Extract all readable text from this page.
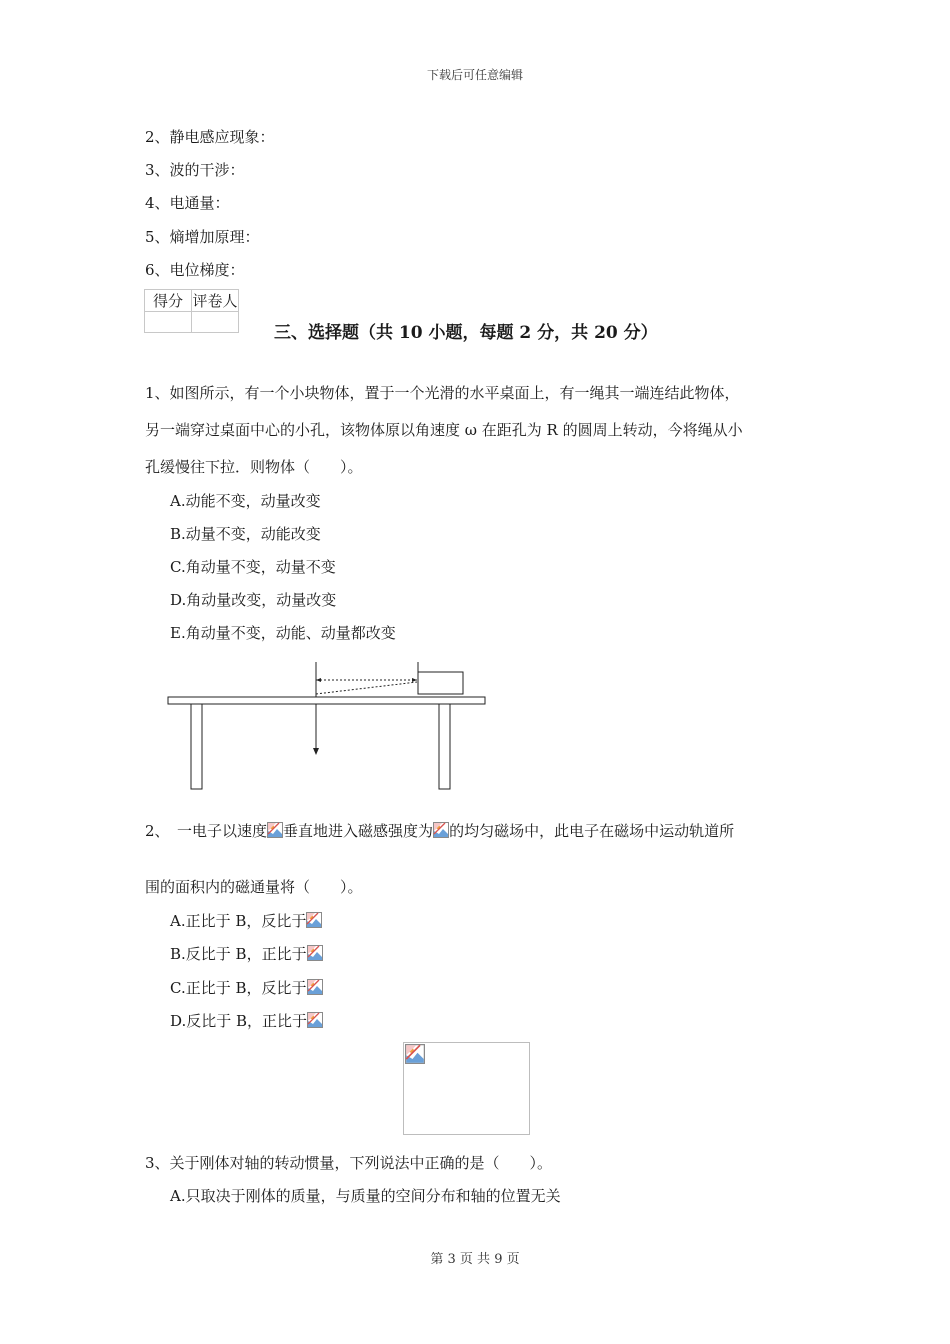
下载后可任意编辑
2、静电感应现象：
3、波的干涉：
4、电通量：
5、熵增加原理：
6、电位梯度：
得分	评卷人

三、选择题（共 10 小题，每题 2 分，共 20 分）
1、如图所示，有一个小块物体，置于一个光滑的水平桌面上，有一绳其一端连结此物体，
另一端穿过桌面中心的小孔，该物体原以角速度 ω 在距孔为 R 的圆周上转动，今将绳从小
孔缓慢往下拉．则物体（　　）。
A.动能不变，动量改变
B.动量不变，动能改变
C.角动量不变，动量不变
D.角动量改变，动量改变
E.角动量不变，动能、动量都改变
2、　一电子以速度 垂直地进入磁感强度为 的均匀磁场中，此电子在磁场中运动轨道所
围的面积内的磁通量将（　　）。
A.正比于 B，反比于
B.反比于 B，正比于
C.正比于 B，反比于
D.反比于 B，正比于
3、关于刚体对轴的转动惯量，下列说法中正确的是（　　）。
A.只取决于刚体的质量，与质量的空间分布和轴的位置无关
第 3 页 共 9 页
